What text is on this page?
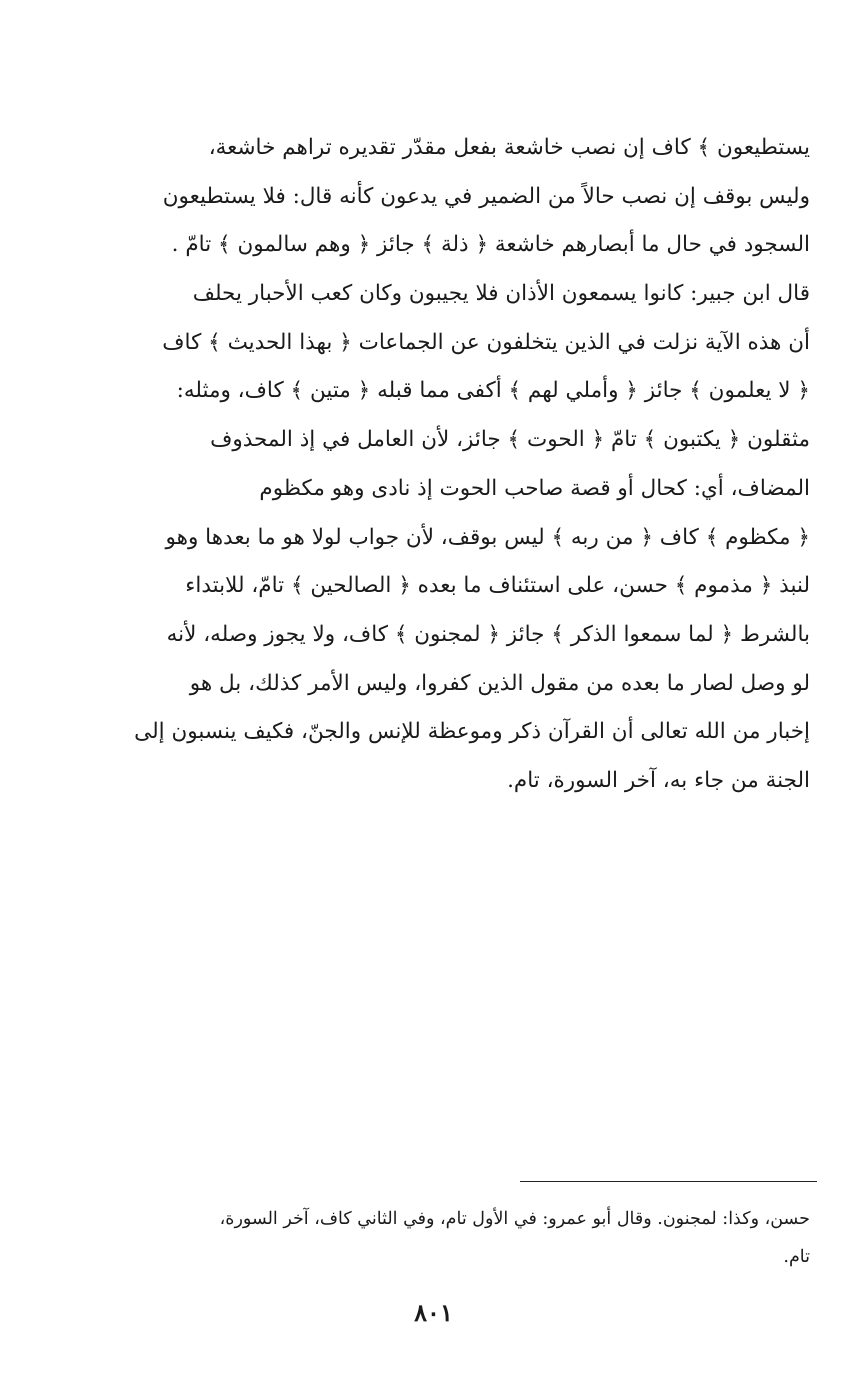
يستطيعون ﴾ كاف إن نصب خاشعة بفعل مقدّر تقديره تراهم خاشعة،
وليس بوقف إن نصب حالاً من الضمير في يدعون كأنه قال: فلا يستطيعون
السجود في حال ما أبصارهم خاشعة ﴿ ذلة ﴾ جائز ﴿ وهم سالمون ﴾ تامّ .
قال ابن جبير: كانوا يسمعون الأذان فلا يجيبون وكان كعب الأحبار يحلف
أن هذه الآية نزلت في الذين يتخلفون عن الجماعات ﴿ بهذا الحديث ﴾ كاف
﴿ لا يعلمون ﴾ جائز ﴿ وأملي لهم ﴾ أكفى مما قبله ﴿ متين ﴾ كاف، ومثله:
مثقلون ﴿ يكتبون ﴾ تامّ ﴿ الحوت ﴾ جائز، لأن العامل في إذ المحذوف
المضاف، أي: كحال أو قصة صاحب الحوت إذ نادى وهو مكظوم
﴿ مكظوم ﴾ كاف ﴿ من ربه ﴾ ليس بوقف، لأن جواب لولا هو ما بعدها وهو
لنبذ ﴿ مذموم ﴾ حسن، على استئناف ما بعده ﴿ الصالحين ﴾ تامّ، للابتداء
بالشرط ﴿ لما سمعوا الذكر ﴾ جائز ﴿ لمجنون ﴾ كاف، ولا يجوز وصله، لأنه
لو وصل لصار ما بعده من مقول الذين كفروا، وليس الأمر كذلك، بل هو
إخبار من الله تعالى أن القرآن ذكر وموعظة للإنس والجنّ، فكيف ينسبون إلى
الجنة من جاء به، آخر السورة، تام.
حسن، وكذا: لمجنون. وقال أبو عمرو: في الأول تام، وفي الثاني كاف، آخر السورة،
تام.
٨٠١
